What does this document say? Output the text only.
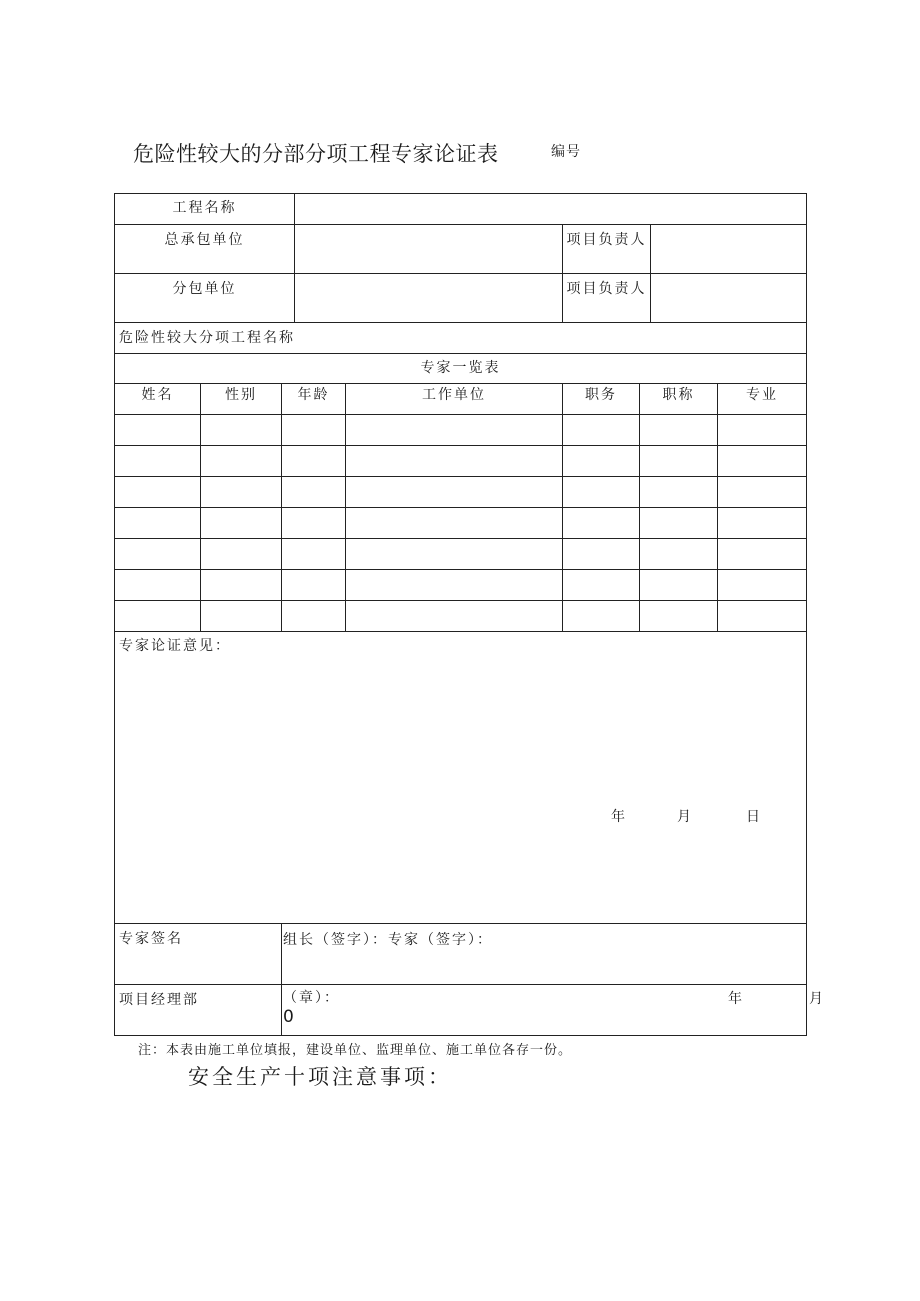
危险性较大的分部分项工程专家论证表	编号
工程名称								
总承包单位					项目负责人			
分包单位					项目负责人			
危险性较大分项工程名称								
专家一览表								
姓名	性别	年龄		工作单位	职务	职称		专业

专家论证意见：
年 月 日								

专家签名		组长（签字）：专家（签字）：						
项目经理部		（章）：
0
年 月						
注：本表由施工单位填报，建设单位、监理单位、施工单位各存一份。
安全生产十项注意事项：
